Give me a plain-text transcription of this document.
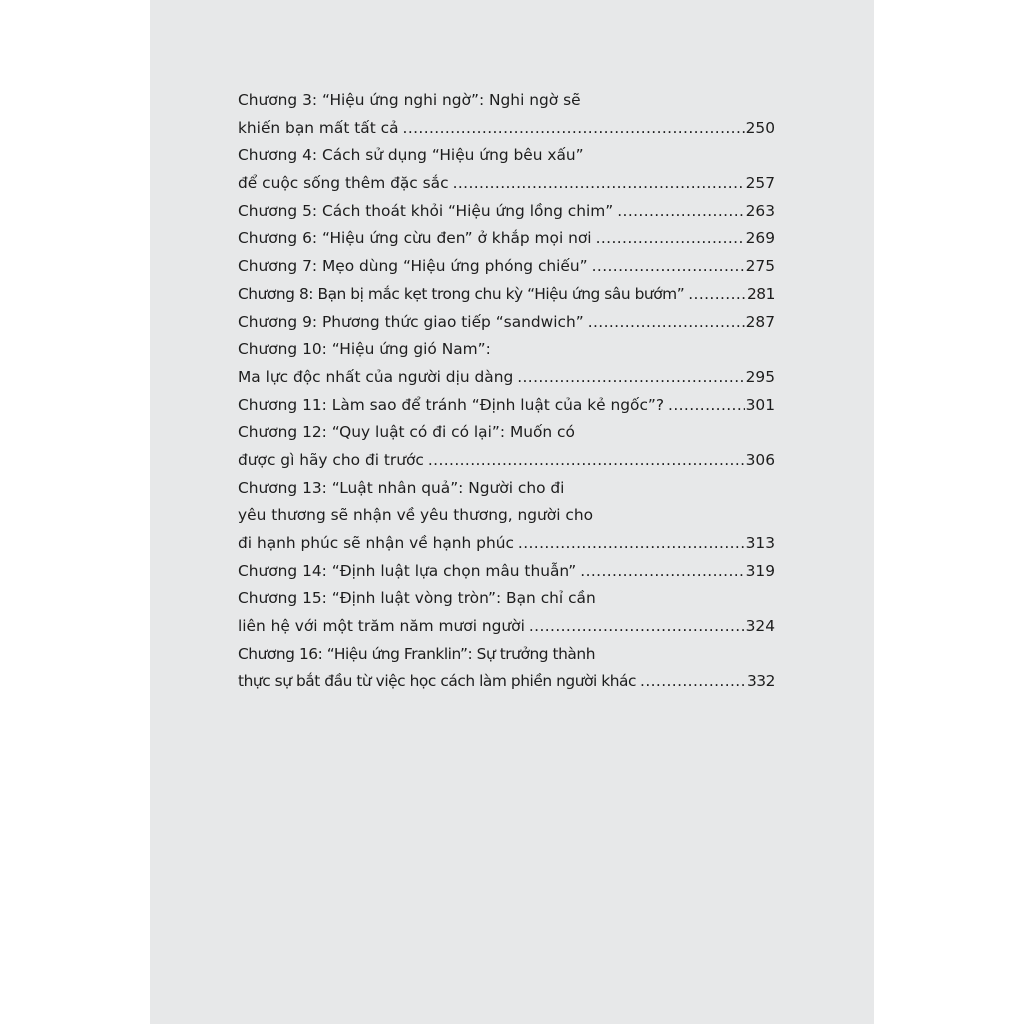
Chương 3: “Hiệu ứng nghi ngờ”: Nghi ngờ sẽ
khiến bạn mất tất cả .....	250
Chương 4: Cách sử dụng “Hiệu ứng bêu xấu”
để cuộc sống thêm đặc sắc .....	257
Chương 5: Cách thoát khỏi “Hiệu ứng lồng chim” .....	263
Chương 6: “Hiệu ứng cừu đen” ở khắp mọi nơi .....	269
Chương 7: Mẹo dùng “Hiệu ứng phóng chiếu” .....	275
Chương 8: Bạn bị mắc kẹt trong chu kỳ “Hiệu ứng sâu bướm” .....	281
Chương 9: Phương thức giao tiếp “sandwich” .....	287
Chương 10: “Hiệu ứng gió Nam”:
Ma lực độc nhất của người dịu dàng .....	295
Chương 11: Làm sao để tránh “Định luật của kẻ ngốc”? .....	301
Chương 12: “Quy luật có đi có lại”: Muốn có
được gì hãy cho đi trước .....	306
Chương 13: “Luật nhân quả”: Người cho đi
yêu thương sẽ nhận về yêu thương, người cho
đi hạnh phúc sẽ nhận về hạnh phúc .....	313
Chương 14: “Định luật lựa chọn mâu thuẫn” .....	319
Chương 15: “Định luật vòng tròn”: Bạn chỉ cần
liên hệ với một trăm năm mươi người .....	324
Chương 16: “Hiệu ứng Franklin”: Sự trưởng thành
thực sự bắt đầu từ việc học cách làm phiền người khác .....	332
